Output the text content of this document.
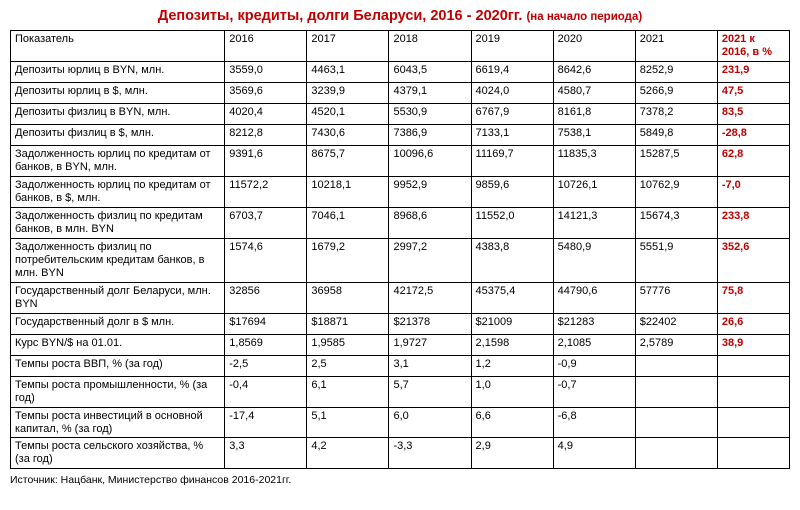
Депозиты, кредиты, долги Беларуси, 2016 - 2020гг. (на начало периода)
Показатель	2016	2017	2018	2019	2020	2021	2021 к 2016, в %
Депозиты юрлиц в BYN, млн.	3559,0	4463,1	6043,5	6619,4	8642,6	8252,9	231,9
Депозиты юрлиц в $, млн.	3569,6	3239,9	4379,1	4024,0	4580,7	5266,9	47,5
Депозиты физлиц в BYN, млн.	4020,4	4520,1	5530,9	6767,9	8161,8	7378,2	83,5
Депозиты физлиц в $, млн.	8212,8	7430,6	7386,9	7133,1	7538,1	5849,8	-28,8
Задолженность юрлиц по кредитам от банков, в BYN, млн.	9391,6	8675,7	10096,6	11169,7	11835,3	15287,5	62,8
Задолженность юрлиц по кредитам от банков, в $, млн.	11572,2	10218,1	9952,9	9859,6	10726,1	10762,9	-7,0
Задолженность физлиц по кредитам банков, в млн. BYN	6703,7	7046,1	8968,6	11552,0	14121,3	15674,3	233,8
Задолженность физлиц по потребительским кредитам банков, в млн. BYN	1574,6	1679,2	2997,2	4383,8	5480,9	5551,9	352,6
Государственный долг Беларуси, млн. BYN	32856	36958	42172,5	45375,4	44790,6	57776	75,8
Государственный долг в $ млн.	$17694	$18871	$21378	$21009	$21283	$22402	26,6
Курс BYN/$ на 01.01.	1,8569	1,9585	1,9727	2,1598	2,1085	2,5789	38,9
Темпы роста ВВП, % (за год)	-2,5	2,5	3,1	1,2	-0,9		
Темпы роста промышленности, % (за год)	-0,4	6,1	5,7	1,0	-0,7		
Темпы роста инвестиций в основной капитал, % (за год)	-17,4	5,1	6,0	6,6	-6,8		
Темпы роста сельского хозяйства, % (за год)	3,3	4,2	-3,3	2,9	4,9		
Источник: Нацбанк, Министерство финансов 2016-2021гг.
